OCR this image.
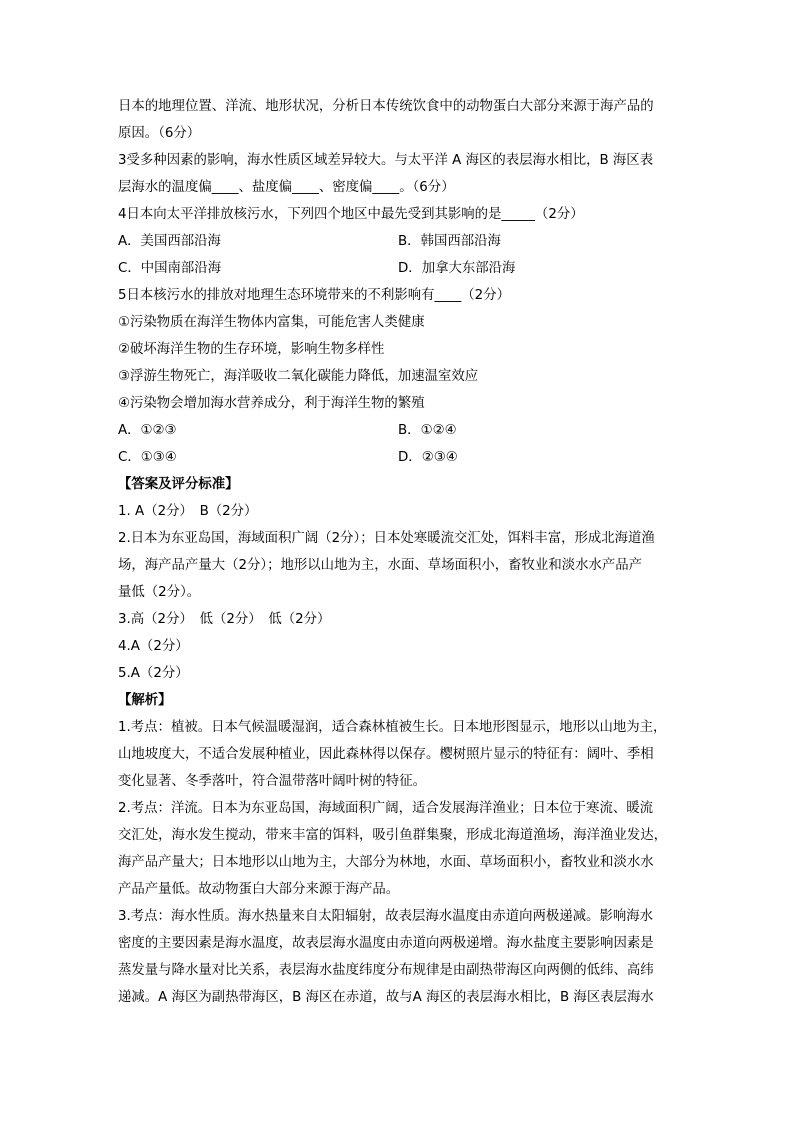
日本的地理位置、洋流、地形状况，分析日本传统饮食中的动物蛋白大部分来源于海产品的
原因。（6分）
3受多种因素的影响，海水性质区域差异较大。与太平洋 A 海区的表层海水相比，B 海区表
层海水的温度偏____、盐度偏____、密度偏____。（6分）
4日本向太平洋排放核污水，下列四个地区中最先受到其影响的是_____（2分）
A．美国西部沿海	B．韩国西部沿海
C．中国南部沿海	D．加拿大东部沿海
5日本核污水的排放对地理生态环境带来的不利影响有____（2分）
①污染物质在海洋生物体内富集，可能危害人类健康
②破坏海洋生物的生存环境，影响生物多样性
③浮游生物死亡，海洋吸收二氧化碳能力降低，加速温室效应
④污染物会增加海水营养成分，利于海洋生物的繁殖
A．①②③	B．①②④
C．①③④	D．②③④
【答案及评分标准】
1. A（2分）　B（2分）
2.日本为东亚岛国，海域面积广阔（2分）；日本处寒暖流交汇处，饵料丰富，形成北海道渔
场，海产品产量大（2分）；地形以山地为主，水面、草场面积小，畜牧业和淡水水产品产
量低（2分）。
3.高（2分）　低（2分）　低（2分）
4.A（2分）
5.A（2分）
【解析】
1.考点：植被。日本气候温暖湿润，适合森林植被生长。日本地形图显示，地形以山地为主，
山地坡度大，不适合发展种植业，因此森林得以保存。樱树照片显示的特征有：阔叶、季相
变化显著、冬季落叶，符合温带落叶阔叶树的特征。
2.考点：洋流。日本为东亚岛国，海域面积广阔，适合发展海洋渔业；日本位于寒流、暖流
交汇处，海水发生搅动，带来丰富的饵料，吸引鱼群集聚，形成北海道渔场，海洋渔业发达，
海产品产量大；日本地形以山地为主，大部分为林地，水面、草场面积小，畜牧业和淡水水
产品产量低。故动物蛋白大部分来源于海产品。
3.考点：海水性质。海水热量来自太阳辐射，故表层海水温度由赤道向两极递减。影响海水
密度的主要因素是海水温度，故表层海水温度由赤道向两极递增。海水盐度主要影响因素是
蒸发量与降水量对比关系，表层海水盐度纬度分布规律是由副热带海区向两侧的低纬、高纬
递减。A 海区为副热带海区，B 海区在赤道，故与A 海区的表层海水相比，B 海区表层海水
